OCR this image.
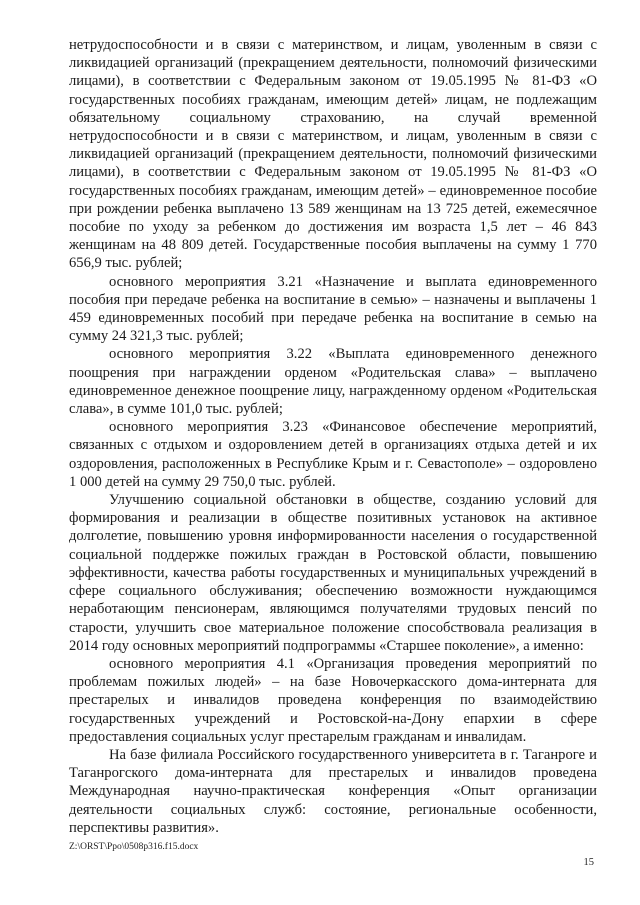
нетрудоспособности и в связи с материнством, и лицам, уволенным в связи с ликвидацией организаций (прекращением деятельности, полномочий физическими лицами), в соответствии с Федеральным законом от 19.05.1995 № 81-ФЗ «О государственных пособиях гражданам, имеющим детей» лицам, не подлежащим обязательному социальному страхованию, на случай временной нетрудоспособности и в связи с материнством, и лицам, уволенным в связи с ликвидацией организаций (прекращением деятельности, полномочий физическими лицами), в соответствии с Федеральным законом от 19.05.1995 № 81-ФЗ «О государственных пособиях гражданам, имеющим детей» – единовременное пособие при рождении ребенка выплачено 13 589 женщинам на 13 725 детей, ежемесячное пособие по уходу за ребенком до достижения им возраста 1,5 лет – 46 843 женщинам на 48 809 детей. Государственные пособия выплачены на сумму 1 770 656,9 тыс. рублей;

основного мероприятия 3.21 «Назначение и выплата единовременного пособия при передаче ребенка на воспитание в семью» – назначены и выплачены 1 459 единовременных пособий при передаче ребенка на воспитание в семью на сумму 24 321,3 тыс. рублей;

основного мероприятия 3.22 «Выплата единовременного денежного поощрения при награждении орденом «Родительская слава» – выплачено единовременное денежное поощрение лицу, награжденному орденом «Родительская слава», в сумме 101,0 тыс. рублей;

основного мероприятия 3.23 «Финансовое обеспечение мероприятий, связанных с отдыхом и оздоровлением детей в организациях отдыха детей и их оздоровления, расположенных в Республике Крым и г. Севастополе» – оздоровлено 1 000 детей на сумму 29 750,0 тыс. рублей.

Улучшению социальной обстановки в обществе, созданию условий для формирования и реализации в обществе позитивных установок на активное долголетие, повышению уровня информированности населения о государственной социальной поддержке пожилых граждан в Ростовской области, повышению эффективности, качества работы государственных и муниципальных учреждений в сфере социального обслуживания; обеспечению возможности нуждающимся неработающим пенсионерам, являющимся получателями трудовых пенсий по старости, улучшить свое материальное положение способствовала реализация в 2014 году основных мероприятий подпрограммы «Старшее поколение», а именно:

основного мероприятия 4.1 «Организация проведения мероприятий по проблемам пожилых людей» – на базе Новочеркасского дома-интерната для престарелых и инвалидов проведена конференция по взаимодействию государственных учреждений и Ростовской-на-Дону епархии в сфере предоставления социальных услуг престарелым гражданам и инвалидам.

На базе филиала Российского государственного университета в г. Таганроге и Таганрогского дома-интерната для престарелых и инвалидов проведена Международная научно-практическая конференция «Опыт организации деятельности социальных служб: состояние, региональные особенности, перспективы развития».

Z:\ORST\Ppo\0508p316.f15.docx
15
